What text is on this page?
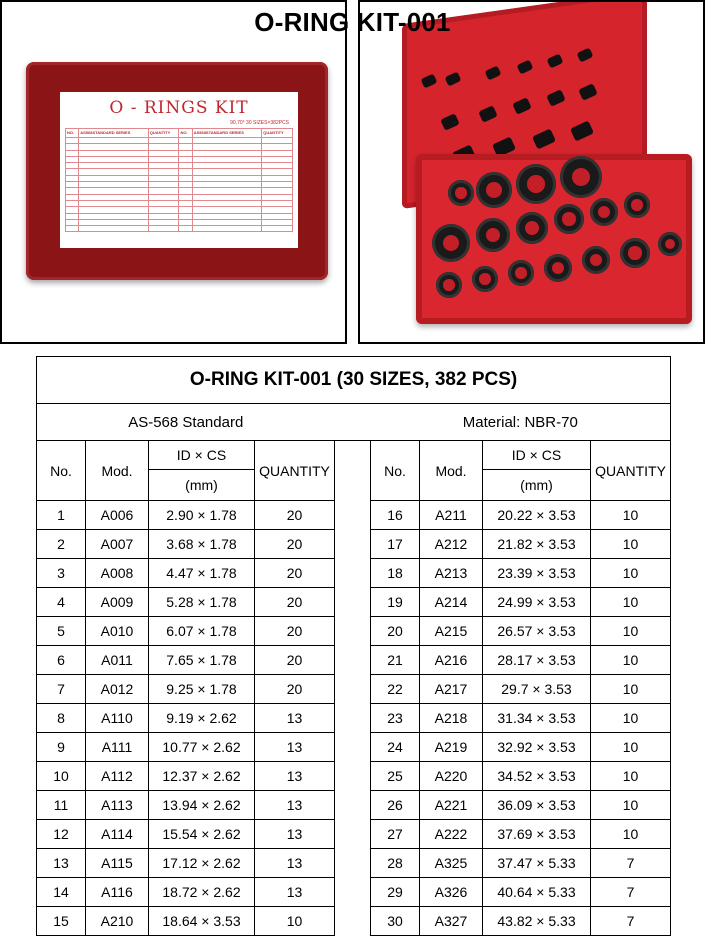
O-RING KIT-001
O - RINGS KIT
90,70° 30 SIZES×382PCS
NO.	AS568STANDARD SERIES	QUANTITY	NO.	AS568STANDARD SERIES	QUANTITY

O-RING KIT-001 (30 SIZES, 382 PCS)								
AS-568 Standard					Material: NBR-70			
No.	Mod.	ID × CS	QUANTITY		No.	Mod.	ID × CS	QUANTITY
		(mm)					(mm)	
1	A006	2.90 × 1.78	20		16	A211	20.22 × 3.53	10
2	A007	3.68 × 1.78	20		17	A212	21.82 × 3.53	10
3	A008	4.47 × 1.78	20		18	A213	23.39 × 3.53	10
4	A009	5.28 × 1.78	20		19	A214	24.99 × 3.53	10
5	A010	6.07 × 1.78	20		20	A215	26.57 × 3.53	10
6	A011	7.65 × 1.78	20		21	A216	28.17 × 3.53	10
7	A012	9.25 × 1.78	20		22	A217	29.7 × 3.53	10
8	A110	9.19 × 2.62	13		23	A218	31.34 × 3.53	10
9	A111	10.77 × 2.62	13		24	A219	32.92 × 3.53	10
10	A112	12.37 × 2.62	13		25	A220	34.52 × 3.53	10
11	A113	13.94 × 2.62	13		26	A221	36.09 × 3.53	10
12	A114	15.54 × 2.62	13		27	A222	37.69 × 3.53	10
13	A115	17.12 × 2.62	13		28	A325	37.47 × 5.33	7
14	A116	18.72 × 2.62	13		29	A326	40.64 × 5.33	7
15	A210	18.64 × 3.53	10		30	A327	43.82 × 5.33	7
